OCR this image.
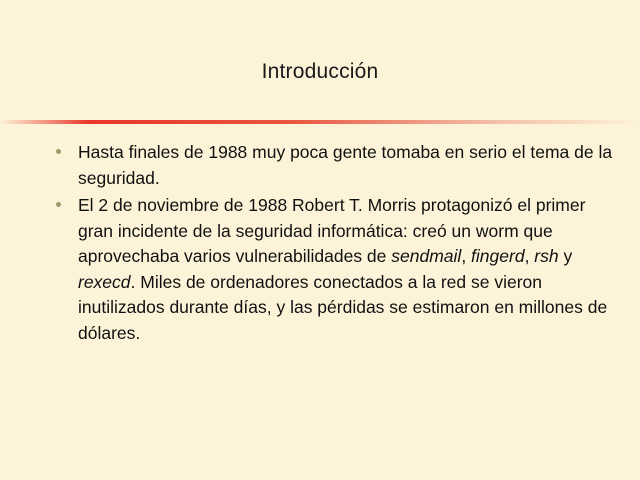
Introducción
Hasta finales de 1988 muy poca gente tomaba en serio el tema de la seguridad.
El 2 de noviembre de 1988 Robert T. Morris protagonizó el primer gran incidente de la seguridad informática: creó un worm que aprovechaba varios vulnerabilidades de sendmail, fingerd, rsh y rexecd. Miles de ordenadores conectados a la red se vieron inutilizados durante días, y las pérdidas se estimaron en millones de dólares.
